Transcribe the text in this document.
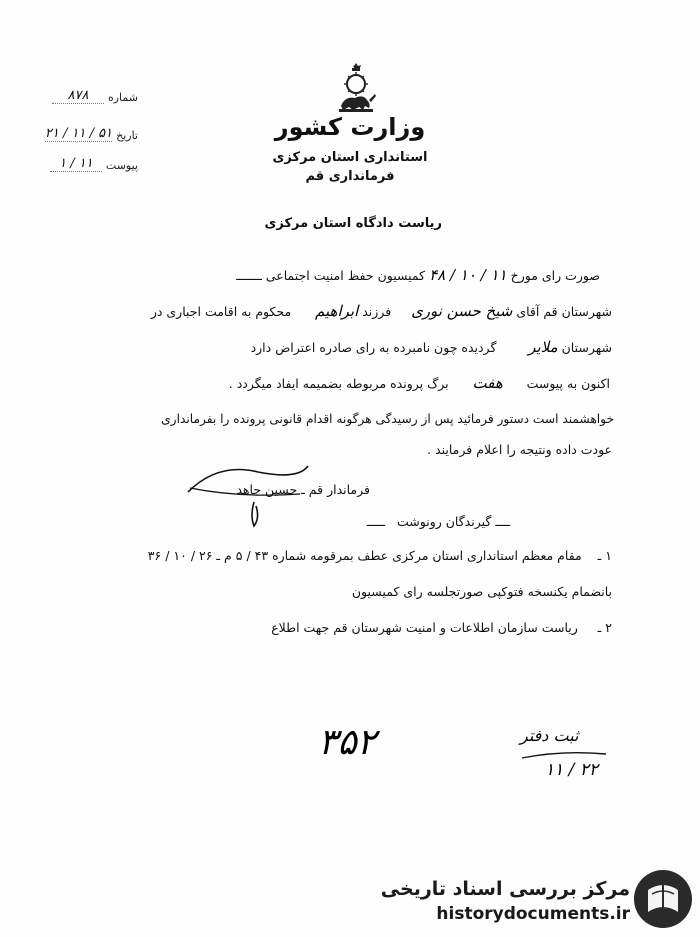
وزارت کشور
استانداری استان مرکزی
فرمانداری قم
شماره
۸۷۸
تاریخ
۲۱ / ۱۱ / ۵۱
پیوست
۱ / ۱۱
ریاست دادگاه استان مرکزی
صورت رای مورخ ۱۱ / ۱۰ / ۴۸ کمیسیون حفظ امنیت اجتماعی ـــــــ
شهرستان قم آقای شیخ حسن نوری     فرزند ابراهیم      محکوم به اقامت اجباری در
شهرستان ملایر        گردیده چون نامبرده به رای صادره اعتراض دارد
اکنون به پیوست      هفت      برگ پرونده مربوطه بضمیمه ایفاد میگردد .
خواهشمند است دستور فرمائید پس از رسیدگی هرگونه اقدام قانونی پرونده را بفرمانداری
عودت داده ونتیجه را اعلام فرمایند .
فرماندار قم ـ حسین جاهد
ــــ گیرندگان رونوشت   ـــــ
۱ ـ    مقام معظم استانداری استان مرکزی عطف بمرقومه شماره ۴۳ / ۵ م ـ ۲۶ / ۱۰ / ۳۶
بانضمام یکنسخه فتوکپی صورتجلسه رای کمیسیون
۲ ـ     ریاست سازمان اطلاعات و امنیت شهرستان قم جهت اطلاع
۳۵۲	ثبت دفتر
۱۱ / ۲۲
مرکز بررسی اسناد تاریخی
historydocuments.ir
